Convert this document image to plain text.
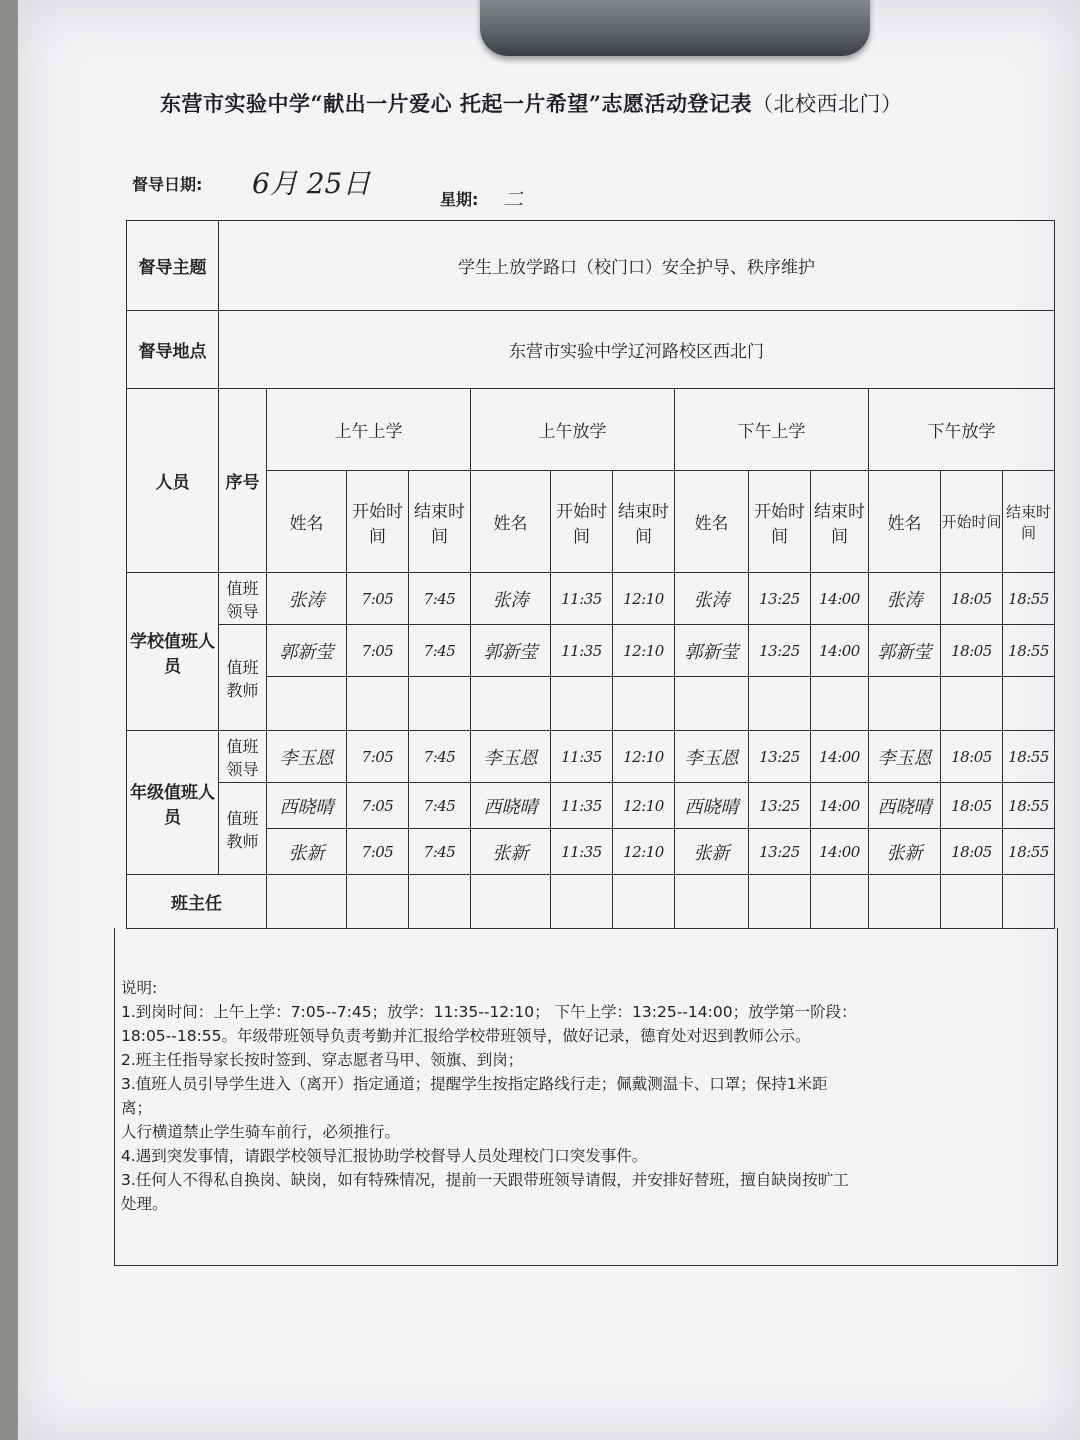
东营市实验中学“献出一片爱心 托起一片希望”志愿活动登记表（北校西北门）
督导日期: 6月 25日	星期: 二
督导主题	学生上放学路口（校门口）安全护导、秩序维护												
督导地点	东营市实验中学辽河路校区西北门												
人员	序号	上午上学			上午放学			下午上学			下午放学		
		姓名	开始时间	结束时间	姓名	开始时间	结束时间	姓名	开始时间	结束时间	姓名	开始时间	结束时间
学校值班人员	值班领导	张涛	7:05	7:45	张涛	11:35	12:10	张涛	13:25	14:00	张涛	18:05	18:55
	值班教师	郭新莹	7:05	7:45	郭新莹	11:35	12:10	郭新莹	13:25	14:00	郭新莹	18:05	18:55

年级值班人员	值班领导	李玉恩	7:05	7:45	李玉恩	11:35	12:10	李玉恩	13:25	14:00	李玉恩	18:05	18:55
	值班教师	西晓晴	7:05	7:45	西晓晴	11:35	12:10	西晓晴	13:25	14:00	西晓晴	18:05	18:55
		张新	7:05	7:45	张新	11:35	12:10	张新	13:25	14:00	张新	18:05	18:55
班主任													
说明:
1.到岗时间：上午上学：7:05--7:45；放学：11:35--12:10； 下午上学：13:25--14:00；放学第一阶段：
18:05--18:55。年级带班领导负责考勤并汇报给学校带班领导，做好记录，德育处对迟到教师公示。
2.班主任指导家长按时签到、穿志愿者马甲、领旗、到岗；
3.值班人员引导学生进入（离开）指定通道；提醒学生按指定路线行走；佩戴测温卡、口罩；保持1米距
离；
人行横道禁止学生骑车前行，必须推行。
4.遇到突发事情，请跟学校领导汇报协助学校督导人员处理校门口突发事件。
3.任何人不得私自换岗、缺岗，如有特殊情况，提前一天跟带班领导请假，并安排好替班，擅自缺岗按旷工
处理。
